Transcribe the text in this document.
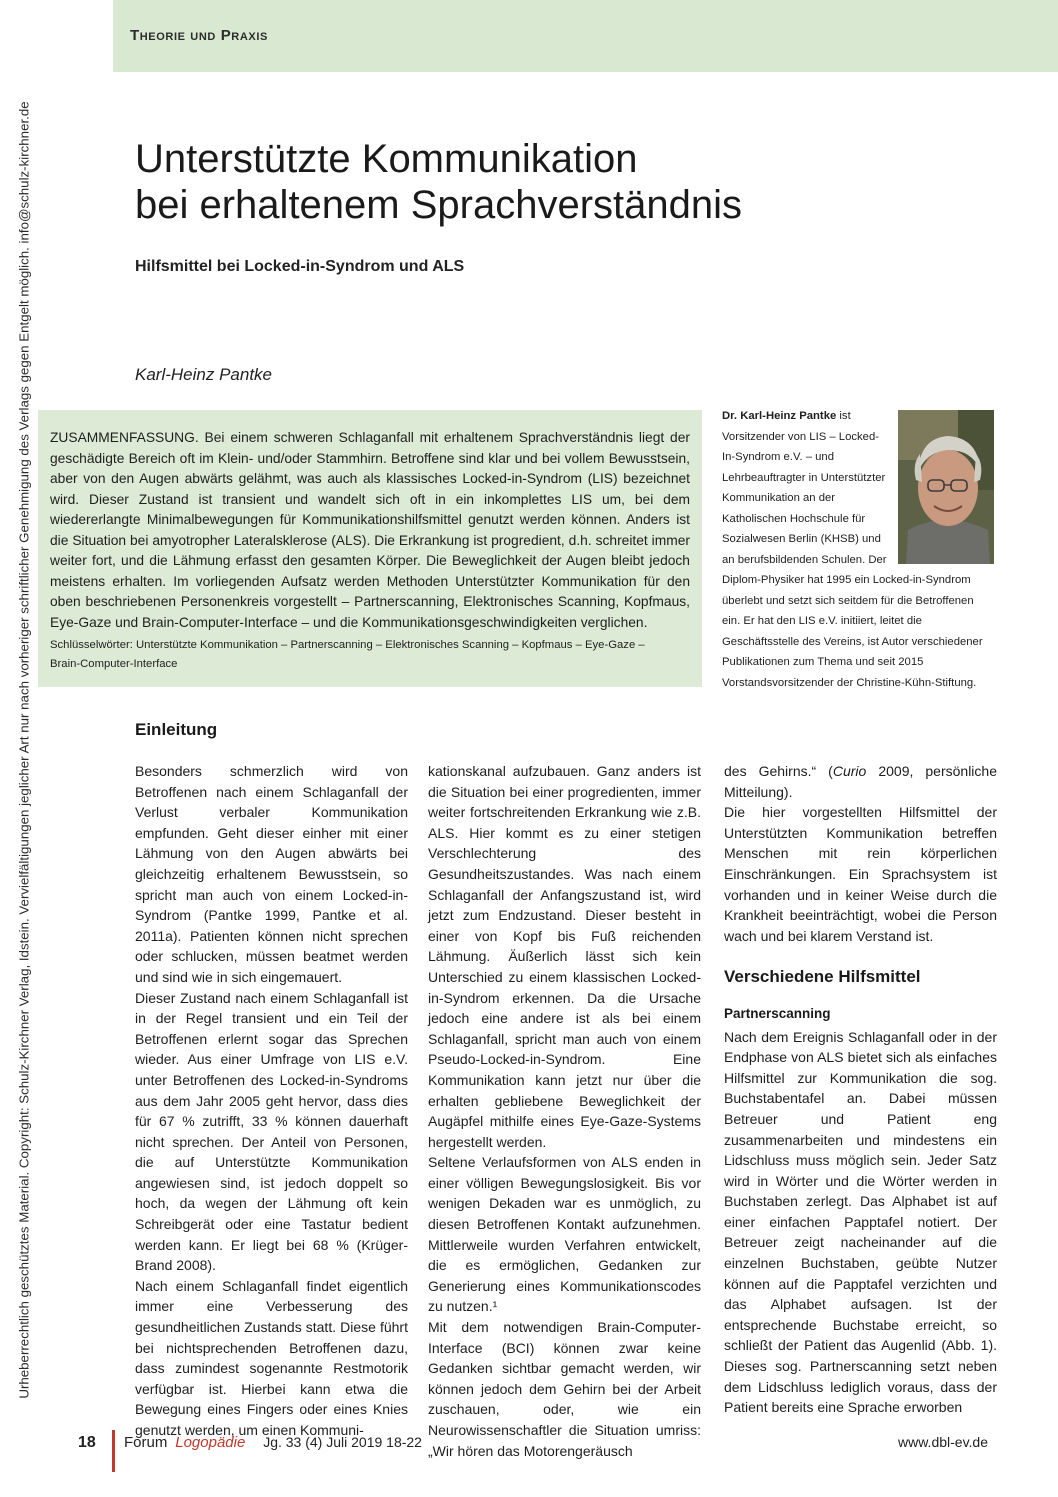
Theorie und Praxis
Urheberrechtlich geschütztes Material. Copyright: Schulz-Kirchner Verlag, Idstein. Vervielfältigungen jeglicher Art nur nach vorheriger schriftlicher Genehmigung des Verlags gegen Entgelt möglich. info@schulz-kirchner.de	Unterstützte Kommunikation
bei erhaltenem Sprachverständnis
Hilfsmittel bei Locked-in-Syndrom und ALS
Karl-Heinz Pantke
ZUSAMMENFASSUNG. Bei einem schweren Schlaganfall mit erhaltenem Sprachverständnis liegt der geschädigte Bereich oft im Klein- und/oder Stammhirn. Betroffene sind klar und bei vollem Bewusstsein, aber von den Augen abwärts gelähmt, was auch als klassisches Locked-in-Syndrom (LIS) bezeichnet wird. Dieser Zustand ist transient und wandelt sich oft in ein inkomplettes LIS um, bei dem wiedererlangte Minimalbewegungen für Kommunikationshilfsmittel genutzt werden können. Anders ist die Situation bei amyotropher Lateralsklerose (ALS). Die Erkrankung ist progredient, d.h. schreitet immer weiter fort, und die Lähmung erfasst den gesamten Körper. Die Beweglichkeit der Augen bleibt jedoch meistens erhalten. Im vorliegenden Aufsatz werden Methoden Unterstützter Kommunikation für den oben beschriebenen Personenkreis vorgestellt – Partnerscanning, Elektronisches Scanning, Kopfmaus, Eye-Gaze und Brain-Computer-Interface – und die Kommunikationsgeschwindigkeiten verglichen.
Schlüsselwörter: Unterstützte Kommunikation – Partnerscanning – Elektronisches Scanning – Kopfmaus – Eye-Gaze – Brain-Computer-Interface
Dr. Karl-Heinz Pantke ist Vorsitzender von LIS – Locked-In-Syndrom e.V. – und Lehrbeauftragter in Unterstützter Kommunikation an der Katholischen Hochschule für Sozialwesen Berlin (KHSB) und an berufsbildenden Schulen. Der Diplom-Physiker hat 1995 ein Locked-in-Syndrom überlebt und setzt sich seitdem für die Betroffenen ein. Er hat den LIS e.V. initiiert, leitet die Geschäftsstelle des Vereins, ist Autor verschiedener Publikationen zum Thema und seit 2015 Vorstandsvorsitzender der Christine-Kühn-Stiftung.
Einleitung

Besonders schmerzlich wird von Betroffenen nach einem Schlaganfall der Verlust verbaler Kommunikation empfunden. Geht dieser einher mit einer Lähmung von den Augen abwärts bei gleichzeitig erhaltenem Bewusstsein, so spricht man auch von einem Locked-in-Syndrom (Pantke 1999, Pantke et al. 2011a). Patienten können nicht sprechen oder schlucken, müssen beatmet werden und sind wie in sich eingemauert.

Dieser Zustand nach einem Schlaganfall ist in der Regel transient und ein Teil der Betroffenen erlernt sogar das Sprechen wieder. Aus einer Umfrage von LIS e.V. unter Betroffenen des Locked-in-Syndroms aus dem Jahr 2005 geht hervor, dass dies für 67 % zutrifft, 33 % können dauerhaft nicht sprechen. Der Anteil von Personen, die auf Unterstützte Kommunikation angewiesen sind, ist jedoch doppelt so hoch, da wegen der Lähmung oft kein Schreibgerät oder eine Tastatur bedient werden kann. Er liegt bei 68 % (Krüger-Brand 2008).

Nach einem Schlaganfall findet eigentlich immer eine Verbesserung des gesundheitlichen Zustands statt. Diese führt bei nichtsprechenden Betroffenen dazu, dass zumindest sogenannte Restmotorik verfügbar ist. Hierbei kann etwa die Bewegung eines Fingers oder eines Knies genutzt werden, um einen Kommuni-

kationskanal aufzubauen. Ganz anders ist die Situation bei einer progredienten, immer weiter fortschreitenden Erkrankung wie z.B. ALS. Hier kommt es zu einer stetigen Verschlechterung des Gesundheitszustandes. Was nach einem Schlaganfall der Anfangszustand ist, wird jetzt zum Endzustand. Dieser besteht in einer von Kopf bis Fuß reichenden Lähmung. Äußerlich lässt sich kein Unterschied zu einem klassischen Locked-in-Syndrom erkennen. Da die Ursache jedoch eine andere ist als bei einem Schlaganfall, spricht man auch von einem Pseudo-Locked-in-Syndrom. Eine Kommunikation kann jetzt nur über die erhalten gebliebene Beweglichkeit der Augäpfel mithilfe eines Eye-Gaze-Systems hergestellt werden.

Seltene Verlaufsformen von ALS enden in einer völligen Bewegungslosigkeit. Bis vor wenigen Dekaden war es unmöglich, zu diesen Betroffenen Kontakt aufzunehmen. Mittlerweile wurden Verfahren entwickelt, die es ermöglichen, Gedanken zur Generierung eines Kommunikationscodes zu nutzen.¹

Mit dem notwendigen Brain-Computer-Interface (BCI) können zwar keine Gedanken sichtbar gemacht werden, wir können jedoch dem Gehirn bei der Arbeit zuschauen, oder, wie ein Neurowissenschaftler die Situation umriss: „Wir hören das Motorengeräusch

des Gehirns.“ (Curio 2009, persönliche Mitteilung).

Die hier vorgestellten Hilfsmittel der Unterstützten Kommunikation betreffen Menschen mit rein körperlichen Einschränkungen. Ein Sprachsystem ist vorhanden und in keiner Weise durch die Krankheit beeinträchtigt, wobei die Person wach und bei klarem Verstand ist.

Verschiedene Hilfsmittel
Partnerscanning

Nach dem Ereignis Schlaganfall oder in der Endphase von ALS bietet sich als einfaches Hilfsmittel zur Kommunikation die sog. Buchstabentafel an. Dabei müssen Betreuer und Patient eng zusammenarbeiten und mindestens ein Lidschluss muss möglich sein. Jeder Satz wird in Wörter und die Wörter werden in Buchstaben zerlegt. Das Alphabet ist auf einer einfachen Papptafel notiert. Der Betreuer zeigt nacheinander auf die einzelnen Buchstaben, geübte Nutzer können auf die Papptafel verzichten und das Alphabet aufsagen. Ist der entsprechende Buchstabe erreicht, so schließt der Patient das Augenlid (Abb. 1). Dieses sog. Partnerscanning setzt neben dem Lidschluss lediglich voraus, dass der Patient bereits eine Sprache erworben

18 Forum Logopädie Jg. 33 (4) Juli 2019 18-22	www.dbl-ev.de
